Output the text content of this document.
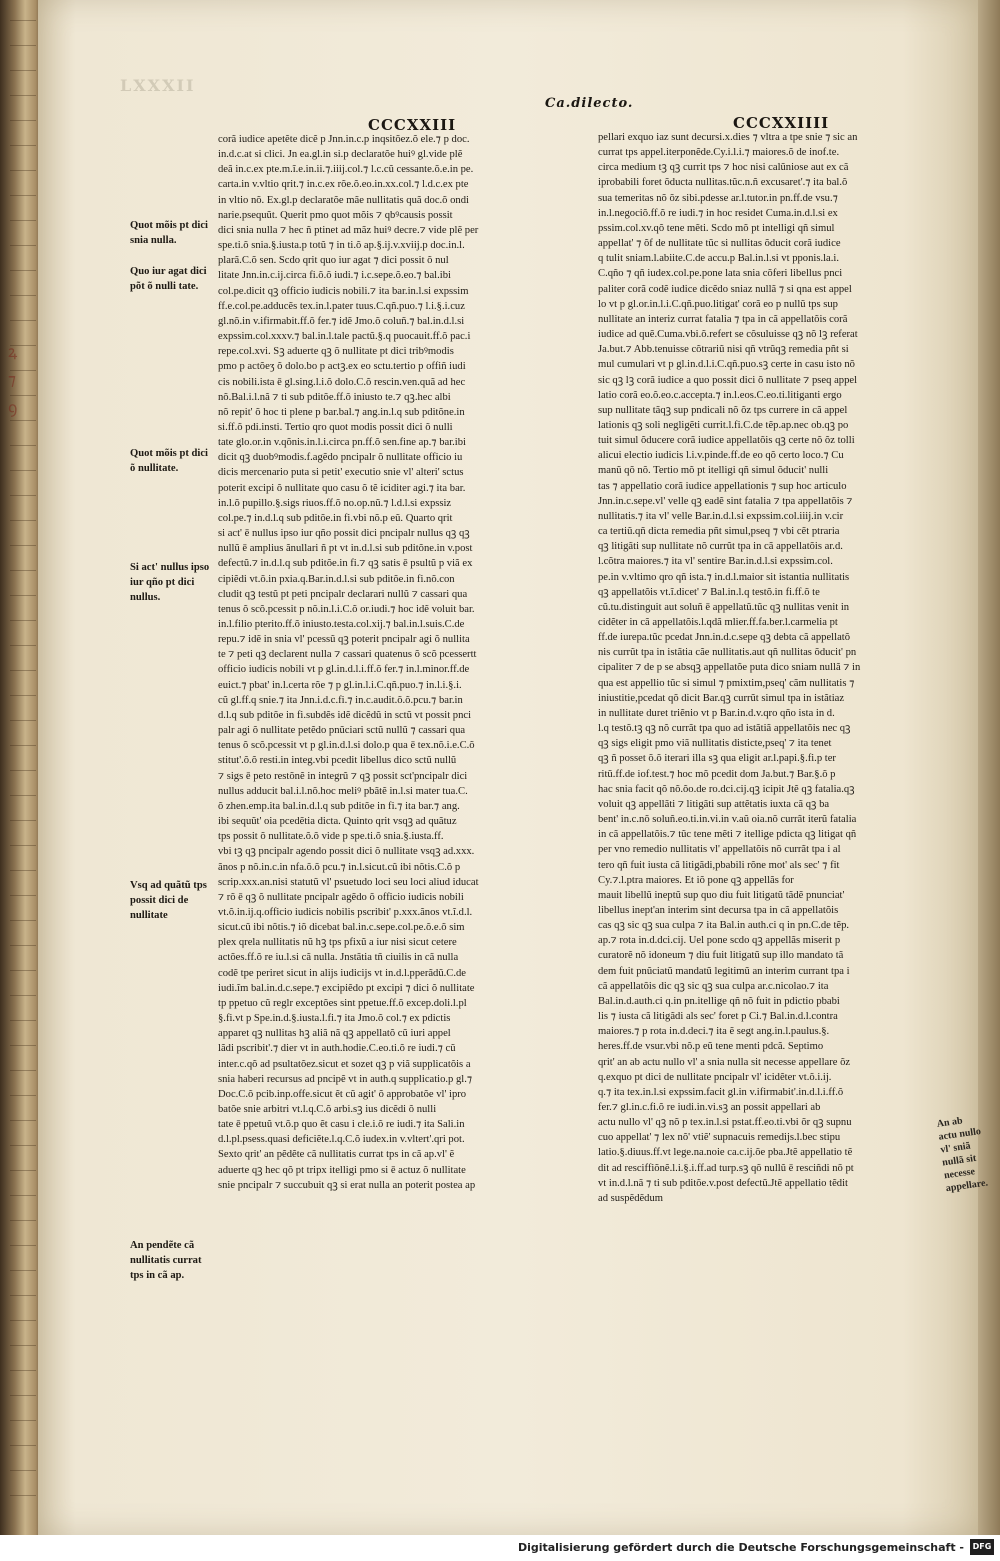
ꝝ
⁊
ꝯ
LXXXII
CCCXXIII
Ca.dilecto.
CCCXXIIII

corã iudice apetẽte dicẽ p Jnn.in.c.p inqsitõez.õ ele.⁊ p doc.

in.d.c.at si clici. Jn ea.gl.in si.p declaratõe huiꝰ gl.vide plẽ

deã in.c.ex pte.m.ĩ.e.in.ii.⁊.iiij.col.⁊ l.c.cũ cessante.õ.e.in pe.

carta.in v.vltio qrit.⁊ in.c.ex rõe.õ.eo.in.xx.col.⁊ l.d.c.ex pte

in vltio nõ. Ex.gl.p declaratõe mãe nullitatis quã doc.õ ondi

narie.psequũt. Querit pmo quot mõis ⁊ qbꝰcausis possit

dici snia nulla ⁊ hec ñ ptinet ad mãz huiꝰ decre.⁊ vide plẽ per

spe.ti.õ snia.§.iusta.p totũ ⁊ in ti.õ ap.§.ij.v.xviij.p doc.in.l.

plarã.C.õ sen. Scdo qrit quo iur agat ⁊ dici possit õ nul

litate Jnn.in.c.ij.circa fi.õ.õ iudi.⁊ i.c.sepe.õ.eo.⁊ bal.ibi

col.pe.dicit qꝫ officio iudicis nobili.⁊ ita bar.in.l.si expssim

ff.e.col.pe.adducẽs tex.in.l.pater tuus.C.qñ.puo.⁊ l.i.§.i.cuz

gl.nõ.in v.ifirmabit.ff.õ fer.⁊ idẽ Jmo.õ coluñ.⁊ bal.in.d.l.si

expssim.col.xxxv.⁊ bal.in.l.tale pactũ.§.q puocauit.ff.õ pac.i

repe.col.xvi. Sꝫ aduerte qꝫ õ nullitate pt dici tribꝰmodis

pmo p actõeʒ õ dolo.bo p actꝫ.ex eo sctu.tertio p offiñ iudi

cis nobili.ista ē gl.sing.l.i.õ dolo.C.õ rescin.ven.quã ad hec

nõ.Bal.i.l.nã ⁊ ti sub pditõe.ff.õ iniusto te.⁊ qꝫ.hec albi

nõ repit' õ hoc ti plene p bar.bal.⁊ ang.in.l.q sub pditõne.in

si.ff.õ pdi.insti. Tertio qro quot modis possit dici õ nulli

tate glo.or.in v.qõnis.in.l.i.circa pn.ff.õ sen.fine ap.⁊ bar.ibi

dicit qꝫ duobꝰmodis.f.agẽdo pncipalr õ nullitate officio iu

dicis mercenario puta si petit' executio snie vl' alteri' sctus

poterit excipi õ nullitate quo casu õ tẽ iciditer agi.⁊ ita bar.

in.l.õ pupillo.§.sigs riuos.ff.õ no.op.nũ.⁊ l.d.l.si expssiz

col.pe.⁊ in.d.l.q sub pditõe.in fi.vbi nõ.p eũ. Quarto qrit

si act' ē nullus ipso iur qño possit dici pncipalr nullus qꝫ qꝫ

nullũ ē amplius ãnullari ñ pt vt in.d.l.si sub pditõne.in v.post

defectũ.⁊ in.d.l.q sub pditõe.in fi.⁊ qꝫ satis ē psultũ p viã ex

cipiẽdi vt.õ.in pxia.q.Bar.in.d.l.si sub pditõe.in fi.nõ.con

cludit qꝫ testũ pt peti pncipalr declarari nullũ ⁊ cassari qua

tenus õ scõ.pcessit p nõ.in.l.i.C.õ or.iudi.⁊ hoc idẽ voluit bar.

in.l.filio pterito.ff.õ iniusto.testa.col.xij.⁊ bal.in.l.suis.C.de

repu.⁊ idẽ in snia vl' pcessũ qꝫ poterit pncipalr agi õ nullita

te ⁊ peti qꝫ declarent nulla ⁊ cassari quatenus õ scõ pcessertt

officio iudicis nobili vt p gl.in.d.l.i.ff.õ fer.⁊ in.l.minor.ff.de

euict.⁊ pbat' in.l.certa rõe ⁊ p gl.in.l.i.C.qñ.puo.⁊ in.l.i.§.i.

cũ gl.ff.q snie.⁊ ita Jnn.i.d.c.fi.⁊ in.c.audit.õ.õ.pcu.⁊ bar.in

d.l.q sub pditõe in fi.subdẽs idẽ dicẽdũ in sctũ vt possit pnci

palr agi õ nullitate petẽdo pnũciari sctũ nullũ ⁊ cassari qua

tenus õ scõ.pcessit vt p gl.in.d.l.si dolo.p qua ē tex.nõ.i.e.C.õ

stitut'.õ.õ resti.in integ.vbi pcedit libellus dico sctũ nullũ

⁊ sigs ē peto restõnẽ in integrũ ⁊ qꝫ possit sct'pncipalr dici

nullus adducit bal.i.l.nõ.hoc meliꝰ pbãtẽ in.l.si mater tua.C.

õ zhen.emp.ita bal.in.d.l.q sub pditõe in fi.⁊ ita bar.⁊ ang.

ibi sequũt' oia pcedẽtia dicta. Quinto qrit vsqꝫ ad quãtuz

tps possit õ nullitate.õ.õ vide p spe.ti.õ snia.§.iusta.ff.

vbi tꝫ qꝫ pncipalr agendo possit dici õ nullitate vsqꝫ ad.xxx.

ãnos p nõ.in.c.in nfa.õ.õ pcu.⁊ in.l.sicut.cũ ibi nõtis.C.õ p

scrip.xxx.an.nisi statutũ vl' psuetudo loci seu loci aliud iducat

⁊ rõ ē qꝫ õ nullitate pncipalr agẽdo õ officio iudicis nobili

vt.õ.in.ij.q.officio iudicis nobilis pscribit' p.xxx.ãnos vt.ĩ.d.l.

sicut.cũ ibi nõtis.⁊ iõ dicebat bal.in.c.sepe.col.pe.õ.e.õ sim

plex qrela nullitatis nũ hꝫ tps pfixũ a iur nisi sicut cetere

actões.ff.õ re iu.l.si cã nulla. Jnstãtia tñ ciuilis in cã nulla

codẽ tpe periret sicut in alijs iudicijs vt in.d.l.pperãdũ.C.de

iudi.ĩm bal.in.d.c.sepe.⁊ excipiẽdo pt excipi ⁊ dici õ nullitate

tp ppetuo cũ reglr exceptões sint ppetue.ff.õ excep.doli.l.pl

§.fi.vt p Spe.in.d.§.iusta.l.fi.⁊ ita Jmo.õ col.⁊ ex pdictis

apparet qꝫ nullitas hꝫ aliã nã qꝫ appellatõ cũ iuri appel

lãdi pscribit'.⁊ dier vt in auth.hodie.C.eo.ti.õ re iudi.⁊ cũ

inter.c.qõ ad psultatõez.sicut et sozet qꝫ p viã supplicatõis a

snia haberi recursus ad pncipẽ vt in auth.q supplicatio.p gl.⁊

Doc.C.õ pcib.inp.offe.sicut ẽt cũ agit' õ approbatõe vl' ipro

batõe snie arbitri vt.l.q.C.õ arbi.sꝫ ius dicẽdi õ nulli

tate ē ppetuũ vt.õ.p quo ẽt casu i cle.i.õ re iudi.⁊ ita Sali.in

d.l.pl.psess.quasi deficiẽte.l.q.C.õ iudex.in v.vltert'.qri pot.

Sexto qrit' an pẽdẽte cã nullitatis currat tps in cã ap.vl' ẽ

aduerte qꝫ hec qõ pt tripx itelligi pmo si ē actuz õ nullitate

snie pncipalr ⁊ succubuit qꝫ si erat nulla an poterit postea ap

pellari exquo iaz sunt decursi.x.dies ⁊ vltra a tpe snie ⁊ sic an

currat tps appel.iterponẽde.Cy.i.l.i.⁊ maiores.õ de inof.te.

circa medium tꝫ qꝫ currit tps ⁊ hoc nisi calũniose aut ex cã

iprobabili foret õducta nullitas.tũc.n.ñ excusaret'.⁊ ita bal.õ

sua temeritas nõ õz sibi.pdesse ar.l.tutor.in pn.ff.de vsu.⁊

in.l.negociõ.ff.õ re iudi.⁊ in hoc residet Cuma.in.d.l.si ex

pssim.col.xv.qõ tene mẽti. Scdo mõ pt intelligi qñ simul

appellat' ⁊ õf de nullitate tũc si nullitas õducit corã iudice

q tulit sniam.l.abiite.C.de accu.p Bal.in.l.si vt pponis.la.i.

C.qño ⁊ qñ iudex.col.pe.pone lata snia cõferi libellus pnci

paliter corã codẽ iudice dicẽdo sniaz nullã ⁊ si qna est appel

lo vt p gl.or.in.l.i.C.qñ.puo.litigat' corã eo p nullũ tps sup

nullitate an interiz currat fatalia ⁊ tpa in cã appellatõis corã

iudice ad quẽ.Cuma.vbi.õ.refert se cõsuluisse qꝫ nõ lꝫ referat

Ja.but.⁊ Abb.tenuisse cõtrariũ nisi qñ vtrũqꝫ remedia pñt si

mul cumulari vt p gl.in.d.l.i.C.qñ.puo.sꝫ certe in casu isto nõ

sic qꝫ lꝫ corã iudice a quo possit dici õ nullitate ⁊ pseq appel

latio corã eo.õ.eo.c.accepta.⁊ in.l.eos.C.eo.ti.litiganti ergo

sup nullitate tãqꝫ sup pndicali nõ õz tps currere in cã appel

lationis qꝫ soli negligẽti currit.l.fi.C.de tẽp.ap.nec ob.qꝫ po

tuit simul õducere corã iudice appellatõis qꝫ certe nõ õz tolli

alicui electio iudicis l.i.v.pinde.ff.de eo qõ certo loco.⁊ Cu

manũ qõ nõ. Tertio mõ pt itelligi qñ simul õducit' nulli

tas ⁊ appellatio corã iudice appellationis ⁊ sup hoc articulo

Jnn.in.c.sepe.vl' velle qꝫ eadẽ sint fatalia ⁊ tpa appellatõis ⁊

nullitatis.⁊ ita vl' velle Bar.in.d.l.si expssim.col.iiij.in v.cir

ca tertiũ.qñ dicta remedia pñt simul,pseq ⁊ vbi cẽt ptraria

qꝫ litigãti sup nullitate nõ currũt tpa in cã appellatõis ar.d.

l.cõtra maiores.⁊ ita vl' sentire Bar.in.d.l.si expssim.col.

pe.in v.vltimo qro qñ ista.⁊ in.d.l.maior sit istantia nullitatis

qꝫ appellatõis vt.ĩ.dicet' ⁊ Bal.in.l.q testõ.in fi.ff.õ te

cũ.tu.distinguit aut soluñ ē appellatũ.tũc qꝫ nullitas venit in

cidẽter in cã appellatõis.l.qdã mlier.ff.fa.ber.l.carmelia pt

ff.de iurepa.tũc pcedat Jnn.in.d.c.sepe qꝫ debta cã appellatõ

nis currũt tpa in istãtia cãe nullitatis.aut qñ nullitas õducit' pn

cipaliter ⁊ de p se absqꝫ appellatõe puta dico sniam nullã ⁊ in

qua est appellio tũc si simul ⁊ pmixtim,pseq' cãm nullitatis ⁊

iniustitie,pcedat qõ dicit Bar.qꝫ currũt simul tpa in istãtiaz

in nullitate duret triẽnio vt p Bar.in.d.v.qro qño ista in d.

l.q testõ.tꝫ qꝫ nõ currãt tpa quo ad istãtiã appellatõis nec qꝫ

qꝫ sigs eligit pmo viã nullitatis disticte,pseq' ⁊ ita tenet

qꝫ ñ posset õ.õ iterari illa sꝫ qua eligit ar.l.papi.§.fi.p ter

ritũ.ff.de iof.test.⁊ hoc mõ pcedit dom Ja.but.⁊ Bar.§.õ p

hac snia facit qõ nõ.õo.de ro.dci.cij.qꝫ icipit Jtẽ qꝫ fatalia.qꝫ

voluit qꝫ appellãti ⁊ litigãti sup attẽtatis iuxta cã qꝫ ba

bent' in.c.nõ soluñ.eo.ti.in.vi.in v.aũ oia.nõ currãt iterũ fatalia

in cã appellatõis.⁊ tũc tene mẽti ⁊ itellige pdicta qꝫ litigat qñ

per vno remedio nullitatis vl' appellatõis nõ currãt tpa i al

tero qñ fuit iusta cã litigãdi,pbabili rõne mot' als sec' ⁊ fit

Cy.⁊.l.ptra maiores. Et iõ pone qꝫ appellãs for

mauit libellũ ineptũ sup quo diu fuit litigatũ tãdẽ pnunciat'

libellus inept'an interim sint decursa tpa in cã appellatõis

cas qꝫ sic qꝫ sua culpa ⁊ ita Bal.in auth.ci q in pn.C.de tẽp.

ap.⁊ rota in.d.dci.cij. Uel pone scdo qꝫ appellãs miserit p

curatorẽ nõ idoneum ⁊ diu fuit litigatũ sup illo mandato tã

dem fuit pnũciatũ mandatũ legitimũ an interim currant tpa i

cã appellatõis dic qꝫ sic qꝫ sua culpa ar.c.nicolao.⁊ ita

Bal.in.d.auth.ci q.in pn.itellige qñ nõ fuit in pdictio pbabi

lis ⁊ iusta cã litigãdi als sec' foret p Ci.⁊ Bal.in.d.l.contra

maiores.⁊ p rota in.d.deci.⁊ ita ẽ segt ang.in.l.paulus.§.

heres.ff.de vsur.vbi nõ.p eũ tene menti pdcã. Septimo

qrit' an ab actu nullo vl' a snia nulla sit necesse appellare õz

q.exquo pt dici de nullitate pncipalr vl' icidẽter vt.õ.i.ij.

q.⁊ ita tex.in.l.si expssim.facit gl.in v.ifirmabit'.in.d.l.i.ff.õ

fer.⁊ gl.in.c.fi.õ re iudi.in.vi.sꝫ an possit appellari ab

actu nullo vl' qꝫ nõ p tex.in.l.si pstat.ff.eo.ti.vbi õr qꝫ supnu

cuo appellat' ⁊ lex nõ' vtiẽ' supnacuis remedijs.l.bec stipu

latio.§.diuus.ff.vt lege.na.noie ca.c.ij.õe pba.Jtẽ appellatio tẽ

dit ad resciffiõnẽ.l.i.§.i.ff.ad turp.sꝫ qõ nullũ ē resciñdi nõ pt

vt in.d.l.nã ⁊ ti sub pditõe.v.post defectũ.Jtẽ appellatio tẽdit

ad suspẽdẽdum

Quot mõis pt dici snia nulla.
Quo iur agat dici põt õ nulli tate.
Quot mõis pt dici õ nullitate.
Si act' nullus ipso iur qño pt dici nullus.
Vsq ad quãtũ tps possit dici de nullitate
An pendẽte cã nullitatis currat tps in cã ap.
An ab actu nullo vl' sniã nullã sit necesse appellare.
Digitalisierung gefördert durch die Deutsche Forschungsgemeinschaft -	DFG
